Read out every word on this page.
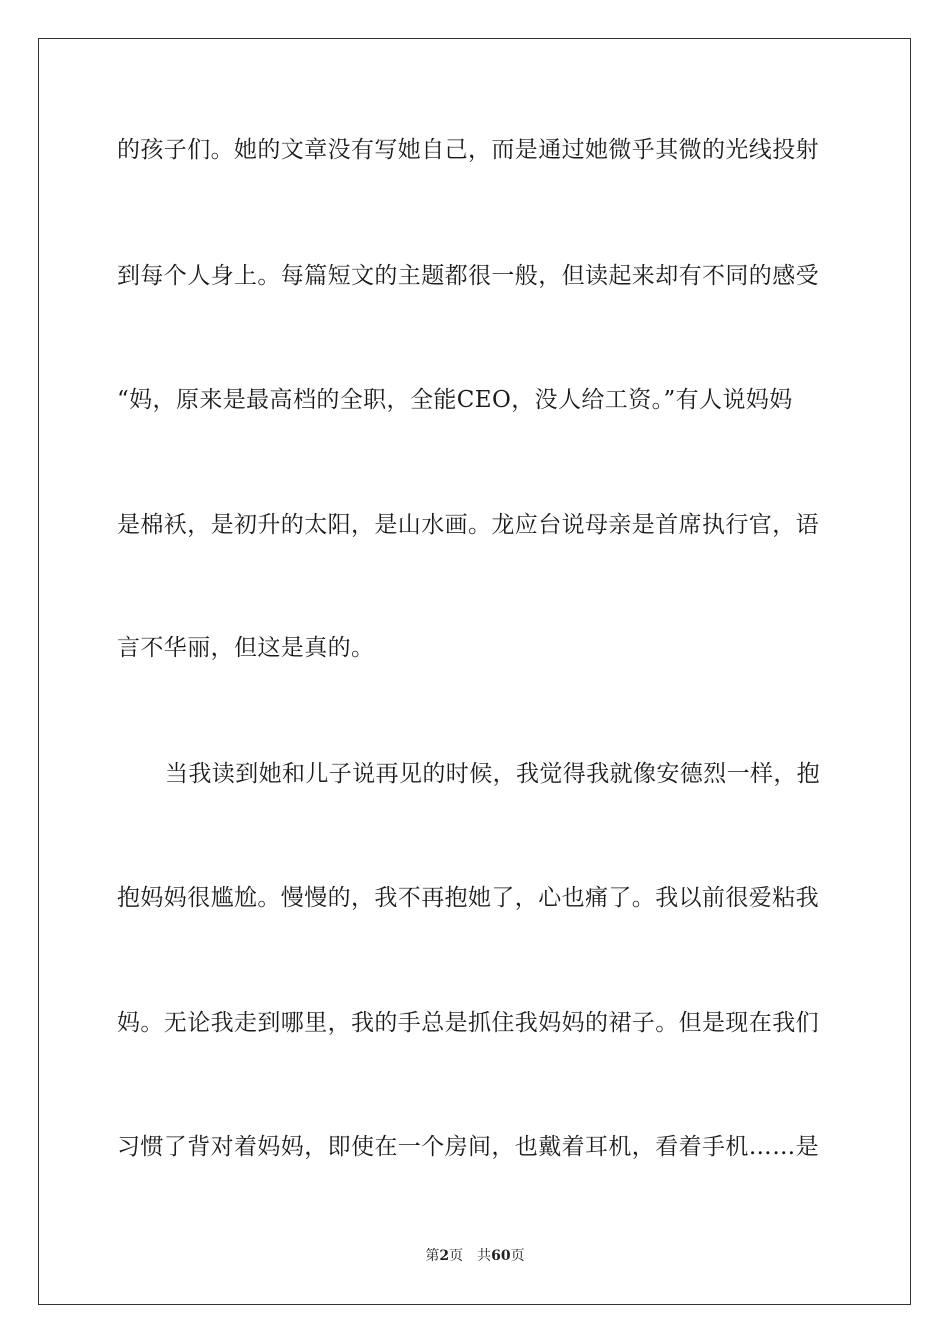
的孩子们。她的文章没有写她自己，而是通过她微乎其微的光线投射
到每个人身上。每篇短文的主题都很一般，但读起来却有不同的感受
“妈，原来是最高档的全职，全能CEO，没人给工资。”有人说妈妈
是棉袄，是初升的太阳，是山水画。龙应台说母亲是首席执行官，语
言不华丽，但这是真的。
当我读到她和儿子说再见的时候，我觉得我就像安德烈一样，抱
抱妈妈很尴尬。慢慢的，我不再抱她了，心也痛了。我以前很爱粘我
妈。无论我走到哪里，我的手总是抓住我妈妈的裙子。但是现在我们
习惯了背对着妈妈，即使在一个房间，也戴着耳机，看着手机……是
第2页 共60页
